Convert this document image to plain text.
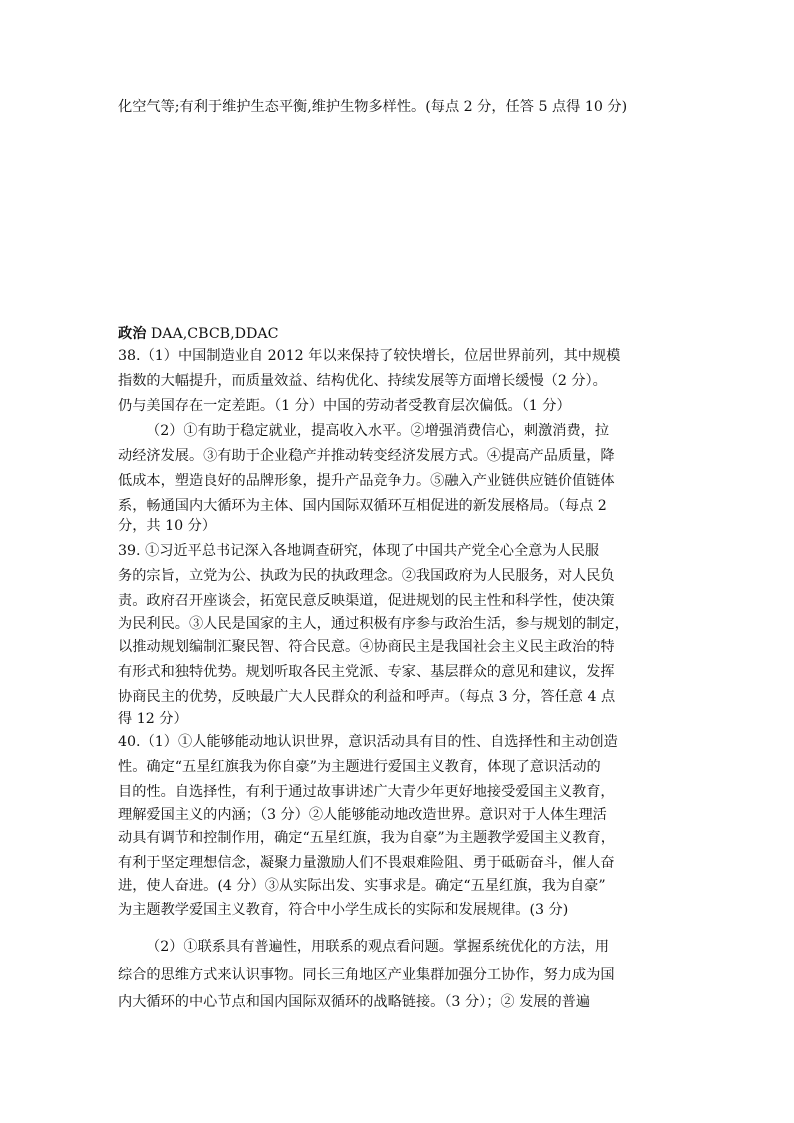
化空气等;有利于维护生态平衡,维护生物多样性。(每点 2 分，任答 5 点得 10 分)
政治 DAA,CBCB,DDAC
38.（1）中国制造业自 2012 年以来保持了较快增长，位居世界前列，其中规模
指数的大幅提升，而质量效益、结构优化、持续发展等方面增长缓慢（2 分）。
仍与美国存在一定差距。（1 分）中国的劳动者受教育层次偏低。（1 分）
（2）①有助于稳定就业，提高收入水平。②增强消费信心，刺激消费，拉
动经济发展。③有助于企业稳产并推动转变经济发展方式。④提高产品质量，降
低成本，塑造良好的品牌形象，提升产品竞争力。⑤融入产业链供应链价值链体
系，畅通国内大循环为主体、国内国际双循环互相促进的新发展格局。（每点 2
分，共 10 分）
39. ①习近平总书记深入各地调查研究，体现了中国共产党全心全意为人民服
务的宗旨，立党为公、执政为民的执政理念。②我国政府为人民服务，对人民负
责。政府召开座谈会，拓宽民意反映渠道，促进规划的民主性和科学性，使决策
为民利民。③人民是国家的主人，通过积极有序参与政治生活，参与规划的制定，
以推动规划编制汇聚民智、符合民意。④协商民主是我国社会主义民主政治的特
有形式和独特优势。规划听取各民主党派、专家、基层群众的意见和建议，发挥
协商民主的优势，反映最广大人民群众的利益和呼声。（每点 3 分，答任意 4 点
得 12 分）
40.（1）①人能够能动地认识世界，意识活动具有目的性、自选择性和主动创造
性。确定“五星红旗我为你自豪”为主题进行爱国主义教育，体现了意识活动的
目的性。自选择性，有利于通过故事讲述广大青少年更好地接受爱国主义教育，
理解爱国主义的内涵；（3 分）②人能够能动地改造世界。意识对于人体生理活
动具有调节和控制作用，确定“五星红旗，我为自豪”为主题教学爱国主义教育，
有利于坚定理想信念，凝聚力量激励人们不畏艰难险阻、勇于砥砺奋斗，催人奋
进，使人奋进。(4 分）③从实际出发、实事求是。确定“五星红旗，我为自豪”
为主题教学爱国主义教育，符合中小学生成长的实际和发展规律。(3 分)
（2）①联系具有普遍性，用联系的观点看问题。掌握系统优化的方法，用
综合的思维方式来认识事物。同长三角地区产业集群加强分工协作，努力成为国
内大循环的中心节点和国内国际双循环的战略链接。（3 分）；② 发展的普遍
